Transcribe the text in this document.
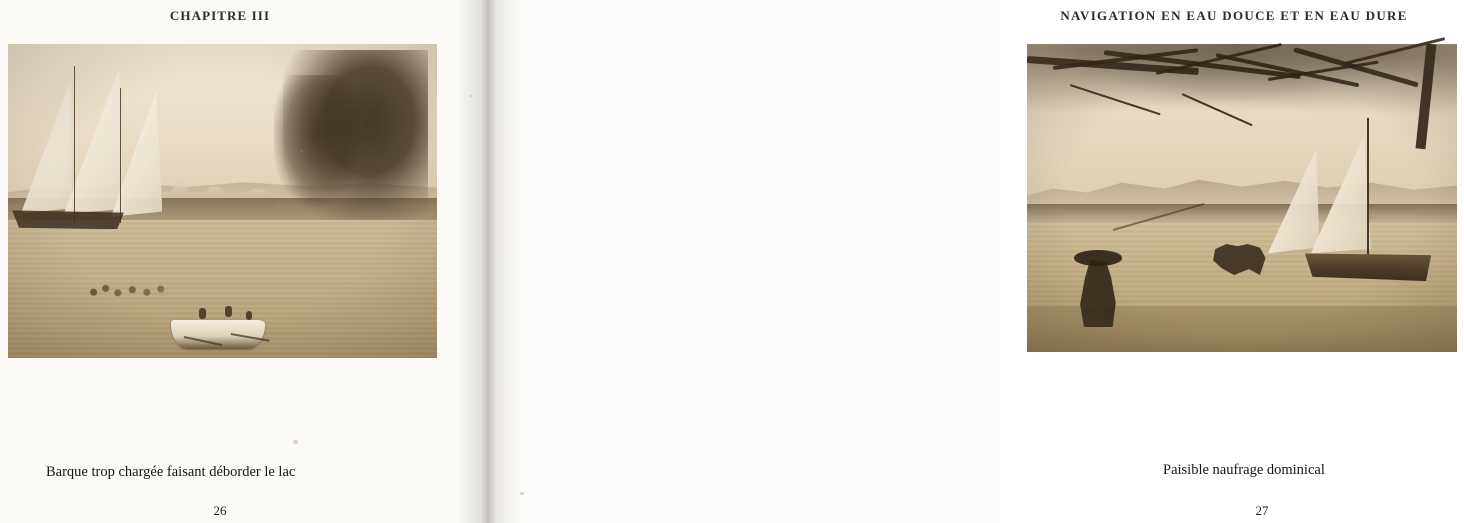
CHAPITRE III
Barque trop chargée faisant déborder le lac
26
NAVIGATION EN EAU DOUCE ET EN EAU DURE
Paisible naufrage dominical
27
